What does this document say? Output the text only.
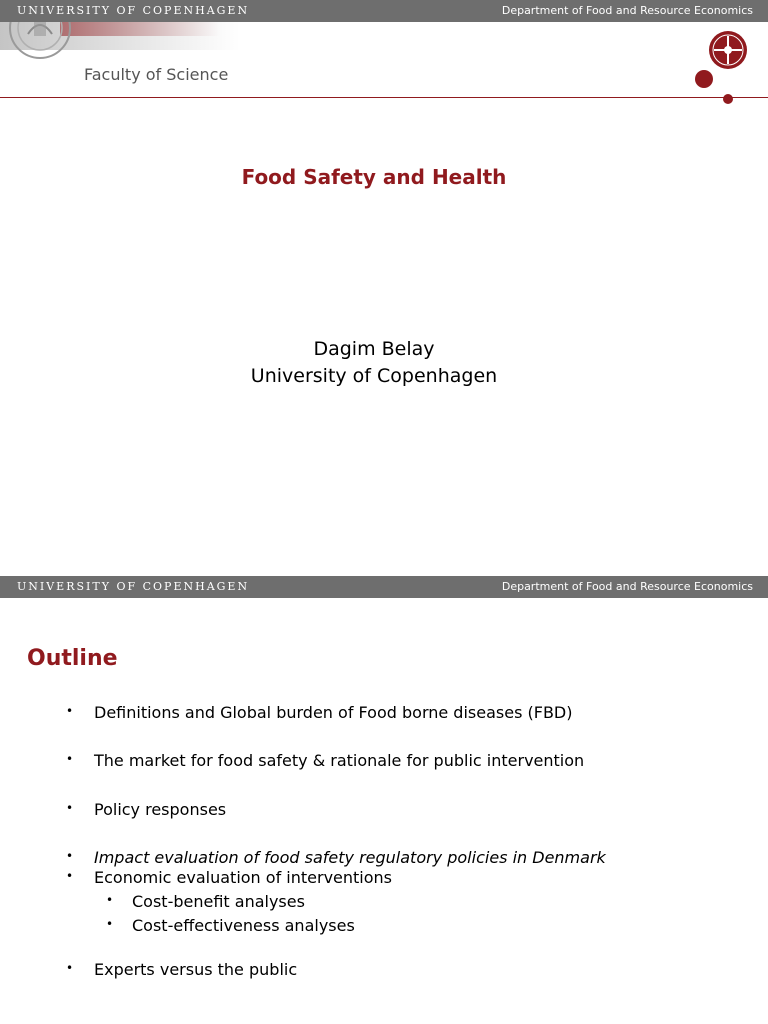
UNIVERSITY OF COPENHAGEN	Department of Food and Resource Economics
Faculty of Science
Food Safety and Health
Dagim Belay
University of Copenhagen
UNIVERSITY OF COPENHAGEN	Department of Food and Resource Economics
Outline
• Definitions and Global burden of Food borne diseases (FBD)
• The market for food safety & rationale for public intervention
• Policy responses
• Impact evaluation of food safety regulatory policies in Denmark
• Economic evaluation of interventions
• Cost-benefit analyses
• Cost-effectiveness analyses
• Experts versus the public
